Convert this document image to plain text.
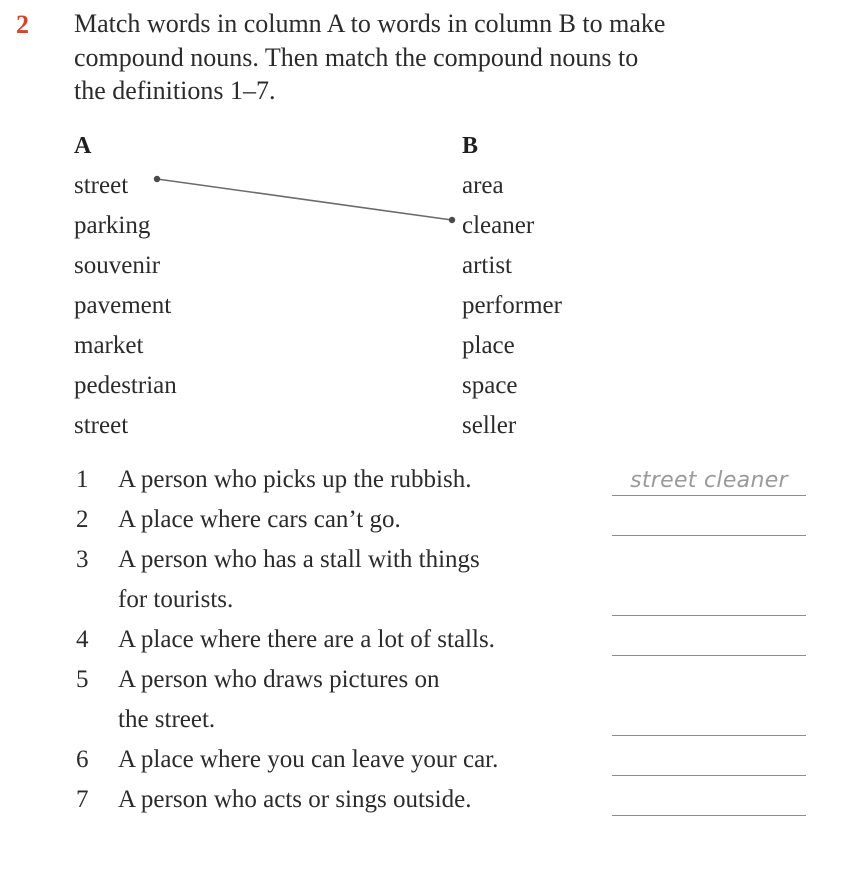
2	Match words in column A to words in column B to make
compound nouns. Then match the compound nouns to
the definitions 1–7.
A
street
parking
souvenir
pavement
market
pedestrian
street
B
area
cleaner
artist
performer
place
space
seller
1	A person who picks up the rubbish.	street cleaner
2	A place where cars can’t go.
3	A person who has a stall with things
for tourists.
4	A place where there are a lot of stalls.
5	A person who draws pictures on
the street.
6	A place where you can leave your car.
7	A person who acts or sings outside.
